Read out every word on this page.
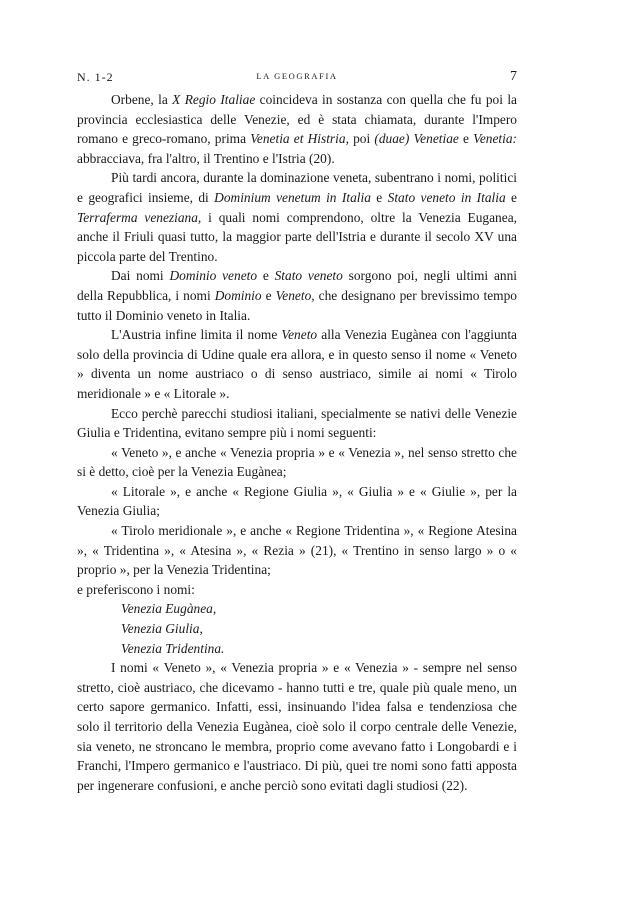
N. 1-2	LA GEOGRAFIA	7

Orbene, la X Regio Italiae coincideva in sostanza con quella che fu poi la provincia ecclesiastica delle Venezie, ed è stata chiamata, durante l'Impero romano e greco-romano, prima Venetia et Histria, poi (duae) Venetiae e Venetia: abbracciava, fra l'altro, il Trentino e l'Istria (20).

Più tardi ancora, durante la dominazione veneta, subentrano i nomi, politici e geografici insieme, di Dominium venetum in Italia e Stato veneto in Italia e Terraferma veneziana, i quali nomi comprendono, oltre la Venezia Euganea, anche il Friuli quasi tutto, la maggior parte dell'Istria e durante il secolo XV una piccola parte del Trentino.

Dai nomi Dominio veneto e Stato veneto sorgono poi, negli ultimi anni della Repubblica, i nomi Dominio e Veneto, che designano per brevissimo tempo tutto il Dominio veneto in Italia.

L'Austria infine limita il nome Veneto alla Venezia Eugànea con l'aggiunta solo della provincia di Udine quale era allora, e in questo senso il nome « Veneto » diventa un nome austriaco o di senso austriaco, simile ai nomi « Tirolo meridionale » e « Litorale ».

Ecco perchè parecchi studiosi italiani, specialmente se nativi delle Venezie Giulia e Tridentina, evitano sempre più i nomi seguenti:

« Veneto », e anche « Venezia propria » e « Venezia », nel senso stretto che si è detto, cioè per la Venezia Eugànea;

« Litorale », e anche « Regione Giulia », « Giulia » e « Giulie », per la Venezia Giulia;

« Tirolo meridionale », e anche « Regione Tridentina », « Regione Atesina », « Tridentina », « Atesina », « Rezia » (21), « Trentino in senso largo » o « proprio », per la Venezia Tridentina;

e preferiscono i nomi:

Venezia Eugànea,

Venezia Giulia,

Venezia Tridentina.

I nomi « Veneto », « Venezia propria » e « Venezia » - sempre nel senso stretto, cioè austriaco, che dicevamo - hanno tutti e tre, quale più quale meno, un certo sapore germanico. Infatti, essi, insinuando l'idea falsa e tendenziosa che solo il territorio della Venezia Eugànea, cioè solo il corpo centrale delle Venezie, sia veneto, ne stroncano le membra, proprio come avevano fatto i Longobardi e i Franchi, l'Impero germanico e l'austriaco. Di più, quei tre nomi sono fatti apposta per ingenerare confusioni, e anche perciò sono evitati dagli studiosi (22).
